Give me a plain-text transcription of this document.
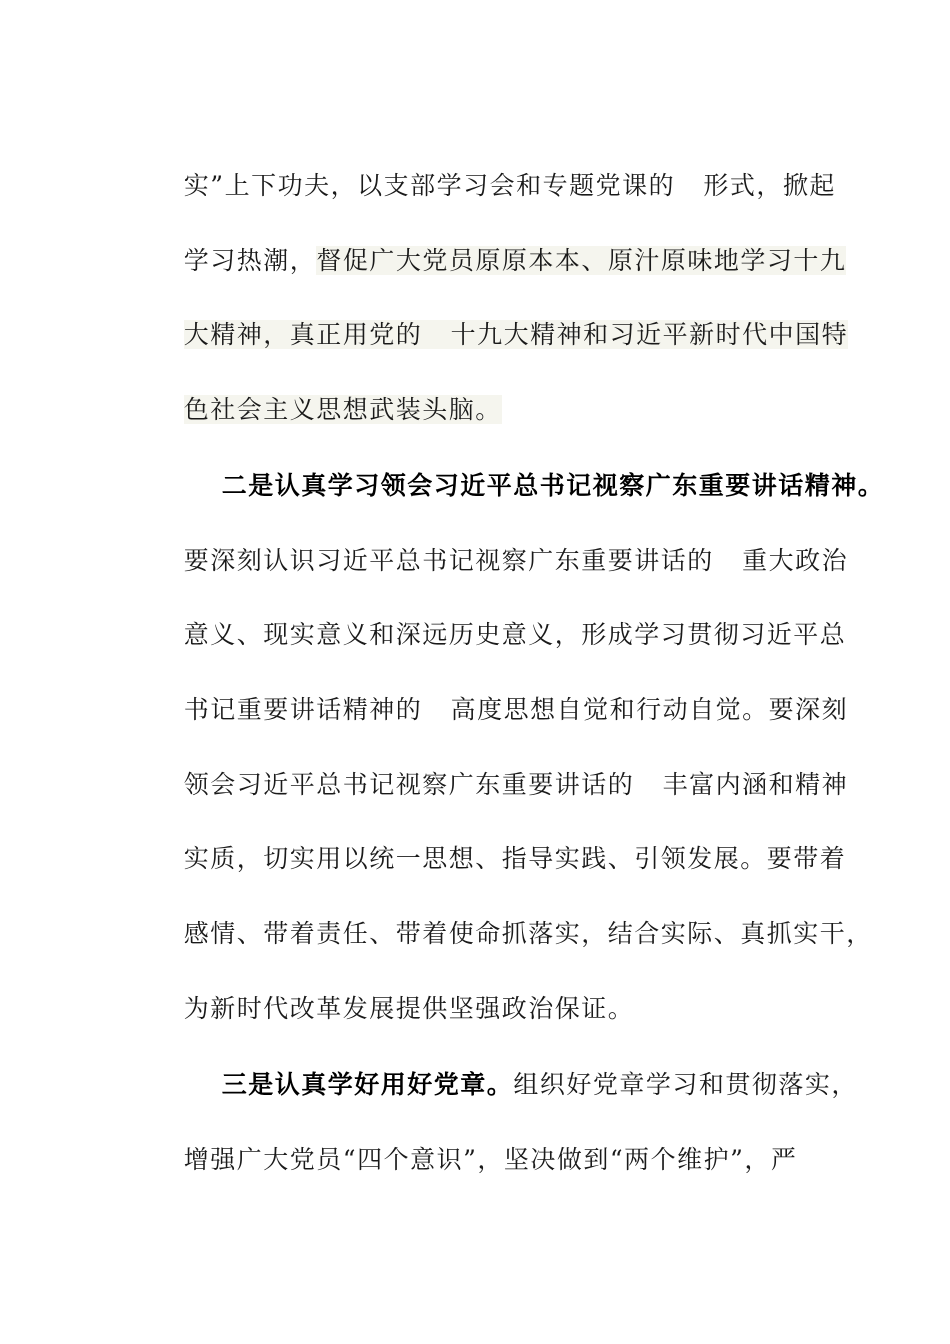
实”上下功夫，以支部学习会和专题党课的   形式，掀起

学习热潮，督促广大党员原原本本、原汁原味地学习十九

大精神，真正用党的   十九大精神和习近平新时代中国特

色社会主义思想武装头脑。

二是认真学习领会习近平总书记视察广东重要讲话精神。

要深刻认识习近平总书记视察广东重要讲话的   重大政治

意义、现实意义和深远历史意义，形成学习贯彻习近平总

书记重要讲话精神的   高度思想自觉和行动自觉。要深刻

领会习近平总书记视察广东重要讲话的   丰富内涵和精神

实质，切实用以统一思想、指导实践、引领发展。要带着

感情、带着责任、带着使命抓落实，结合实际、真抓实干，

为新时代改革发展提供坚强政治保证。

三是认真学好用好党章。组织好党章学习和贯彻落实，

增强广大党员“四个意识”，坚决做到“两个维护”，严
